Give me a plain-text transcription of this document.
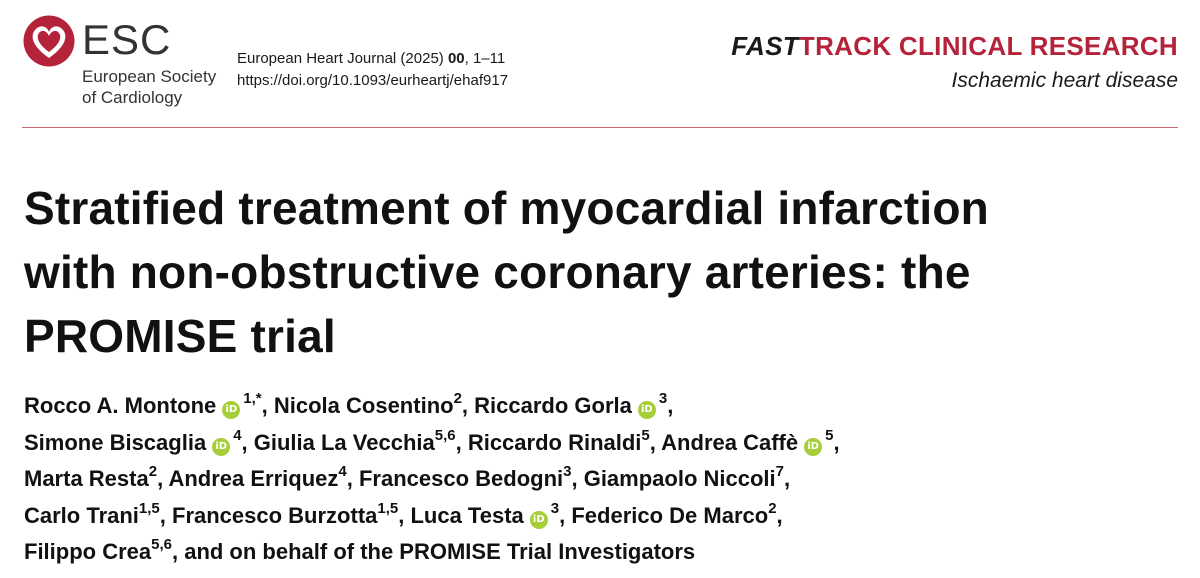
ESC
European Society
of Cardiology
European Heart Journal (2025) 00, 1–11
https://doi.org/10.1093/eurheartj/ehaf917
FASTTRACK CLINICAL RESEARCH
Ischaemic heart disease
Stratified treatment of myocardial infarction
with non-obstructive coronary arteries: the
PROMISE trial
Rocco A. Montone $iD^{1,*}$, Nicola Cosentino$^2$, Riccardo Gorla $iD^3$,
Simone Biscaglia $iD^4$, Giulia La Vecchia$^{5,6}$, Riccardo Rinaldi$^5$, Andrea Caffè $iD^5$,
Marta Resta$^2$, Andrea Erriquez$^4$, Francesco Bedogni$^3$, Giampaolo Niccoli$^7$,
Carlo Trani$^{1,5}$, Francesco Burzotta$^{1,5}$, Luca Testa $iD^3$, Federico De Marco$^2$,
Filippo Crea$^{5,6}$, and on behalf of the PROMISE Trial Investigators
